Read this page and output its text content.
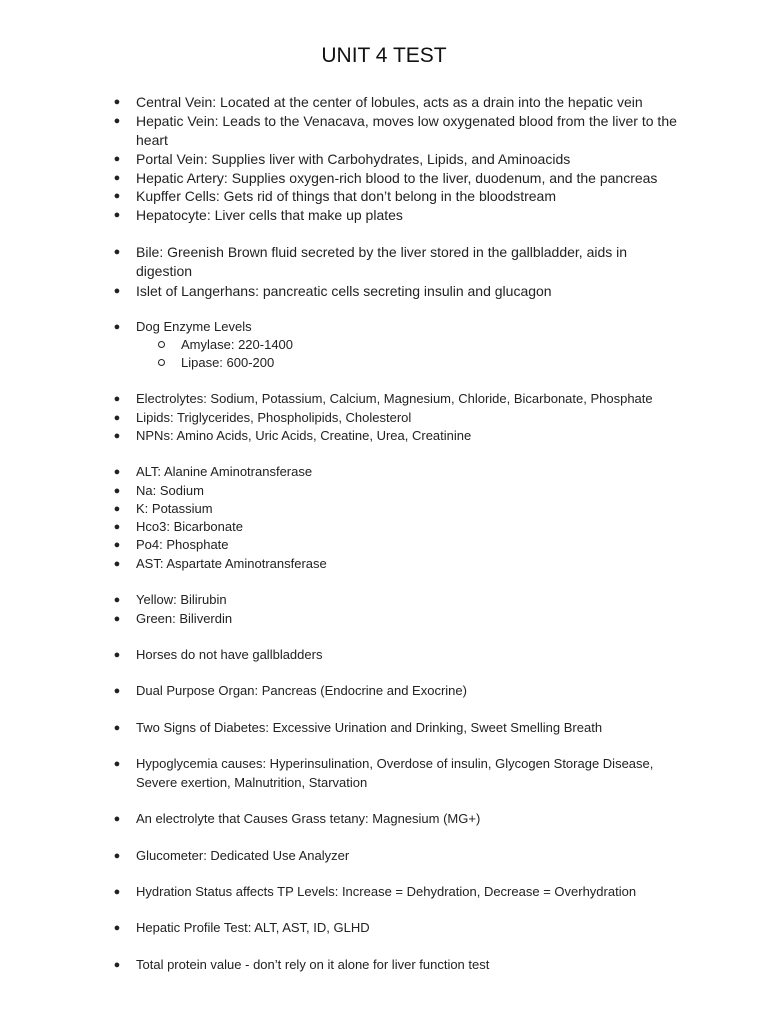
UNIT 4 TEST
● Central Vein: Located at the center of lobules, acts as a drain into the hepatic vein
● Hepatic Vein: Leads to the Venacava, moves low oxygenated blood from the liver to the heart
● Portal Vein: Supplies liver with Carbohydrates, Lipids, and Aminoacids
● Hepatic Artery: Supplies oxygen-rich blood to the liver, duodenum, and the pancreas
● Kupffer Cells: Gets rid of things that don’t belong in the bloodstream
● Hepatocyte: Liver cells that make up plates
● Bile: Greenish Brown fluid secreted by the liver stored in the gallbladder, aids in digestion
● Islet of Langerhans: pancreatic cells secreting insulin and glucagon
● Dog Enzyme Levels
Amylase: 220-1400
Lipase: 600-200
● Electrolytes: Sodium, Potassium, Calcium, Magnesium, Chloride, Bicarbonate, Phosphate
● Lipids: Triglycerides, Phospholipids, Cholesterol
● NPNs: Amino Acids, Uric Acids, Creatine, Urea, Creatinine
● ALT: Alanine Aminotransferase
● Na: Sodium
● K: Potassium
● Hco3: Bicarbonate
● Po4: Phosphate
● AST: Aspartate Aminotransferase
● Yellow: Bilirubin
● Green: Biliverdin
● Horses do not have gallbladders
● Dual Purpose Organ: Pancreas (Endocrine and Exocrine)
● Two Signs of Diabetes: Excessive Urination and Drinking, Sweet Smelling Breath
● Hypoglycemia causes: Hyperinsulination, Overdose of insulin, Glycogen Storage Disease, Severe exertion, Malnutrition, Starvation
● An electrolyte that Causes Grass tetany: Magnesium (MG+)
● Glucometer: Dedicated Use Analyzer
● Hydration Status affects TP Levels: Increase = Dehydration, Decrease = Overhydration
● Hepatic Profile Test: ALT, AST, ID, GLHD
● Total protein value - don’t rely on it alone for liver function test
